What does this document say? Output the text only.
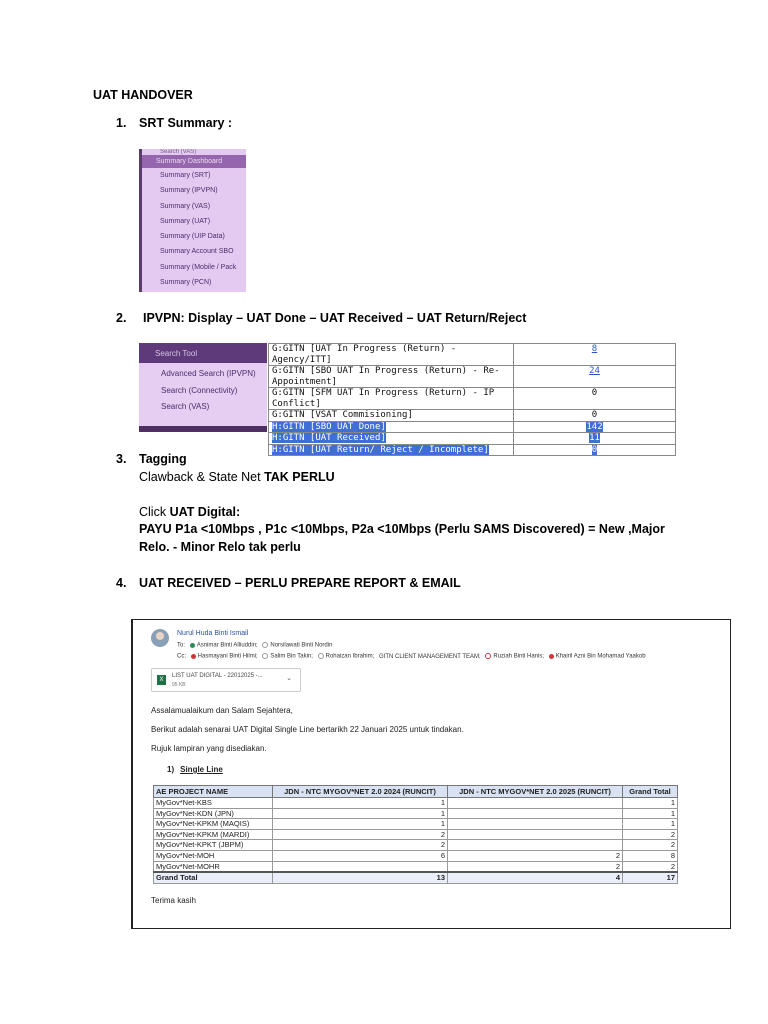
UAT HANDOVER
1. SRT Summary :
Search (VAS)
Summary Dashboard
Summary (SRT)
Summary (IPVPN)
Summary (VAS)
Summary (UAT)
Summary (UIP Data)
Summary Account SBO
Summary (Mobile / Pack
Summary (PCN)
2. IPVPN: Display – UAT Done – UAT Received – UAT Return/Reject
Search Tool
Advanced Search (IPVPN)
Search (Connectivity)
Search (VAS)
G:GITN [UAT In Progress (Return) - Agency/ITT]	8
G:GITN [SBO UAT In Progress (Return) - Re-Appointment]	24
G:GITN [SFM UAT In Progress (Return) - IP Conflict]	0
G:GITN [VSAT Commisioning]	0
H:GITN [SBO UAT Done]	142
H:GITN [UAT Received]	11
H:GITN [UAT Return/ Reject / Incomplete]	0
3. Tagging
Clawback & State Net TAK PERLU
Click UAT Digital:
PAYU P1a <10Mbps , P1c <10Mbps, P2a <10Mbps (Perlu SAMS Discovered) = New ,Major
Relo. - Minor Relo tak perlu
4. UAT RECEIVED – PERLU PREPARE REPORT & EMAIL
Nurul Huda Binti Ismail
To: Asnimar Binti Alliuddin; Norsilawati Binti Nordin
Cc: Hasmayani Binti Hilmi; Salim Bin Takin; Rohaizan Ibrahim; GITN CLIENT MANAGEMENT TEAM; Ruziah Binti Hanis; Khairil Azni Bin Mohamad Yaakob
X
LIST UAT DIGITAL - 22012025 -...
95 KB
⌄
Assalamualaikum dan Salam Sejahtera,
Berikut adalah senarai UAT Digital Single Line bertarikh 22 Januari 2025 untuk tindakan.
Rujuk lampiran yang disediakan.
1) Single Line
AE PROJECT NAME	JDN - NTC MYGOV*NET 2.0 2024 (RUNCIT)	JDN - NTC MYGOV*NET 2.0 2025 (RUNCIT)	Grand Total
MyGov*Net-KBS	1		1
MyGov*Net-KDN (JPN)	1		1
MyGov*Net-KPKM (MAQIS)	1		1
MyGov*Net-KPKM (MARDI)	2		2
MyGov*Net-KPKT (JBPM)	2		2
MyGov*Net-MOH	6	2	8
MyGov*Net-MOHR		2	2
Grand Total	13	4	17
Terima kasih
